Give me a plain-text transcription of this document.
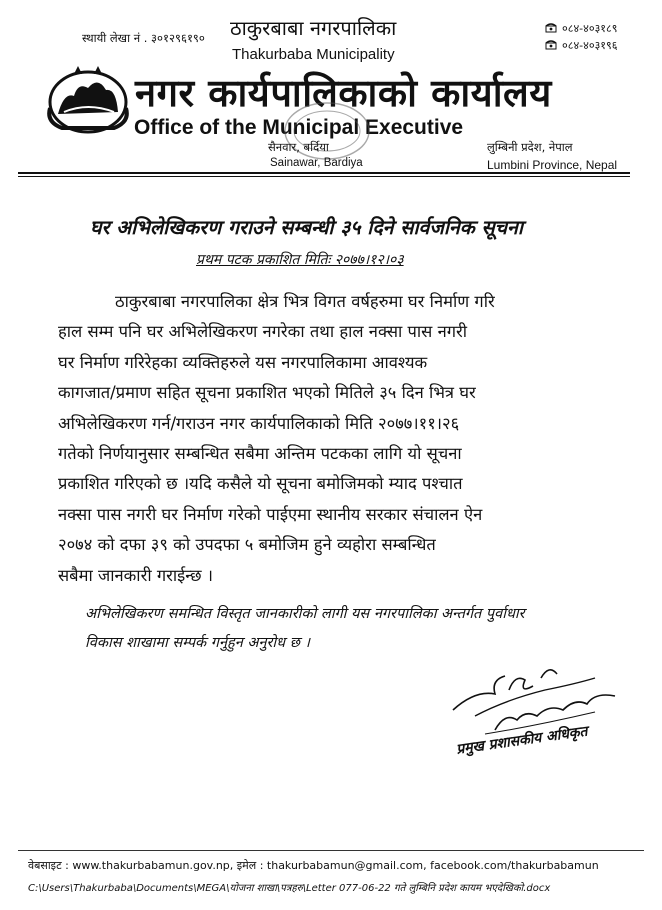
स्थायी लेखा नं . ३०१२९६१९०
०८४-४०३१८९
०८४-४०३१९६
ठाकुरबाबा नगरपालिका
Thakurbaba Municipality
नगर कार्यपालिकाको कार्यालय
Office of the Municipal Executive
सैनवार, बर्दिया
Sainawar, Bardiya
लुम्बिनी प्रदेश, नेपाल
Lumbini Province, Nepal
घर अभिलेखिकरण गराउने सम्बन्धी ३५ दिने सार्वजनिक सूचना
प्रथम पटक प्रकाशित मितिः २०७७।१२।०३
ठाकुरबाबा नगरपालिका क्षेत्र भित्र विगत वर्षहरुमा घर निर्माण गरि
हाल सम्म पनि घर अभिलेखिकरण नगरेका तथा हाल नक्सा पास नगरी
घर निर्माण गरिरेहका व्यक्तिहरुले यस नगरपालिकामा आवश्यक
कागजात/प्रमाण सहित सूचना प्रकाशित भएको मितिले ३५ दिन भित्र घर
अभिलेखिकरण गर्न/गराउन नगर कार्यपालिकाको मिति २०७७।११।२६
गतेको निर्णयानुसार सम्बन्धित सबैमा अन्तिम पटकका लागि यो सूचना
प्रकाशित गरिएको छ ।यदि कसैले यो सूचना बमोजिमको म्याद पश्चात
नक्सा पास नगरी घर निर्माण गरेको पाईएमा स्थानीय सरकार संचालन ऐन
२०७४ को दफा ३९ को उपदफा ५ बमोजिम हुने व्यहोरा सम्बन्धित
सबैमा जानकारी गराईन्छ ।
अभिलेखिकरण समन्धित विस्तृत जानकारीको लागी यस नगरपालिका अन्तर्गत पुर्वाधार
विकास शाखामा सम्पर्क गर्नुहुन अनुरोध छ ।
प्रमुख प्रशासकीय अधिकृत
वेबसाइट : www.thakurbabamun.gov.np, इमेल : thakurbabamun@gmail.com, facebook.com/thakurbabamun
C:\Users\Thakurbaba\Documents\MEGA\योजना शाखा\पत्रहरु\Letter 077-06-22 गते लुम्बिनि प्रदेश कायम भएदेखिको.docx
